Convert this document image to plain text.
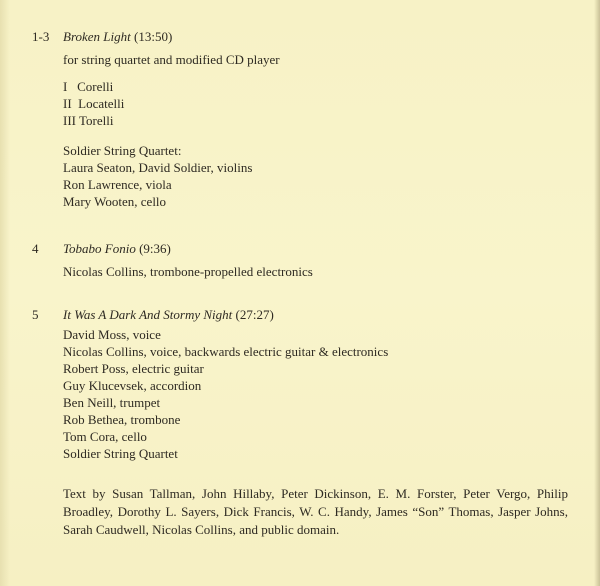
1-3 Broken Light (13:50)
for string quartet and modified CD player
I   Corelli
II  Locatelli
III Torelli
Soldier String Quartet:
Laura Seaton, David Soldier, violins
Ron Lawrence, viola
Mary Wooten, cello
4 Tobabo Fonio (9:36)
Nicolas Collins, trombone-propelled electronics
5 It Was A Dark And Stormy Night (27:27)
David Moss, voice
Nicolas Collins, voice, backwards electric guitar & electronics
Robert Poss, electric guitar
Guy Klucevsek, accordion
Ben Neill, trumpet
Rob Bethea, trombone
Tom Cora, cello
Soldier String Quartet
Text by Susan Tallman, John Hillaby, Peter Dickinson, E. M. Forster, Peter Vergo, Philip Broadley, Dorothy L. Sayers, Dick Francis, W. C. Handy, James “Son” Thomas, Jasper Johns, Sarah Caudwell, Nicolas Collins, and public domain.
